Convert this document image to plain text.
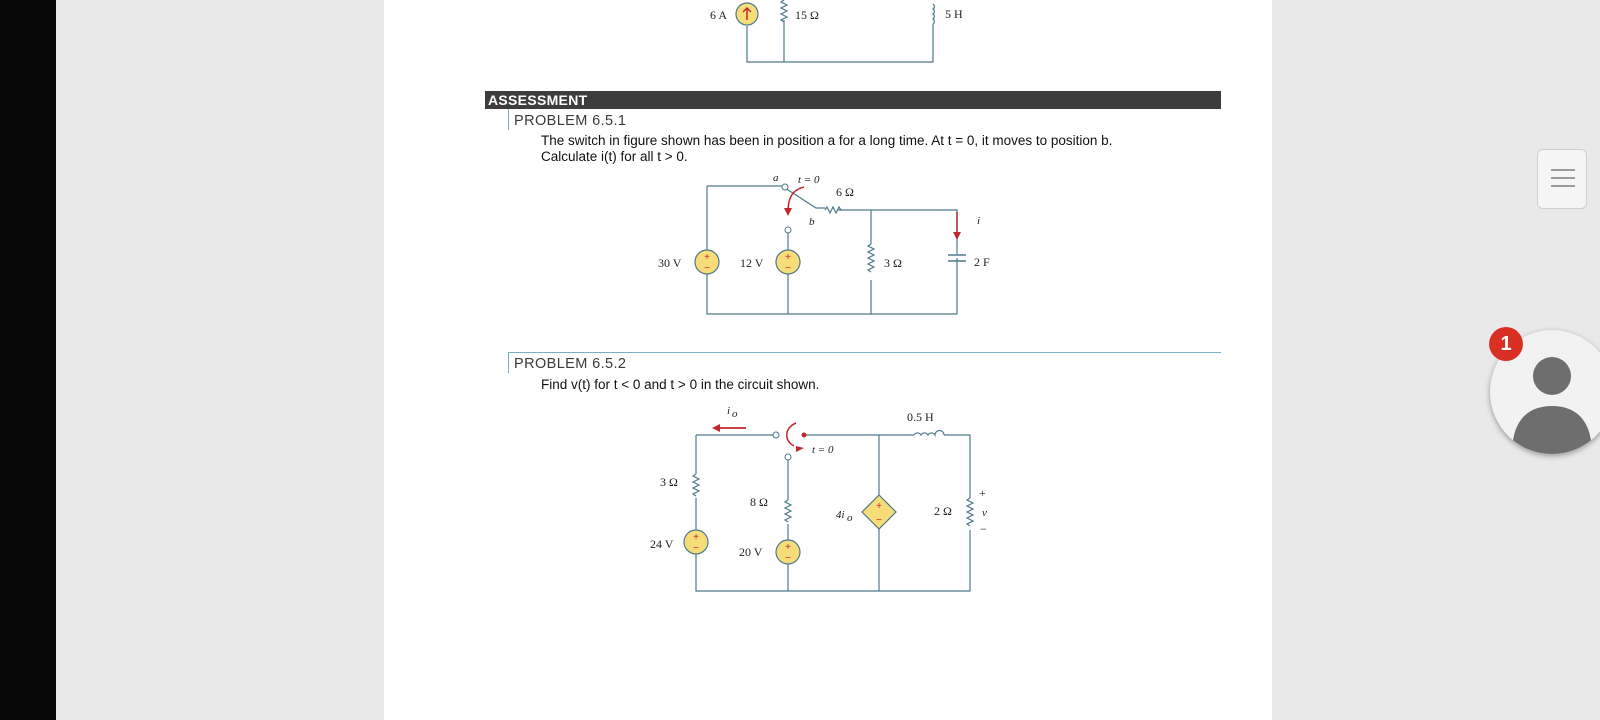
6 A	15 Ω	5 H
ASSESSMENT
PROBLEM 6.5.1
The switch in figure shown has been in position a for a long time. At t = 0, it moves to position b.
Calculate i(t) for all t > 0.
+
−
+
−
a
b
t = 0
6 Ω
30 V	12 V	3 Ω	2 F
i
PROBLEM 6.5.2
Find v(t) for t < 0 and t > 0 in the circuit shown.
+
−
+
−	+
−
i o
t = 0
0.5 H
3 Ω
8 Ω
24 V
20 V
4i o	2 Ω	v
+
−
1
